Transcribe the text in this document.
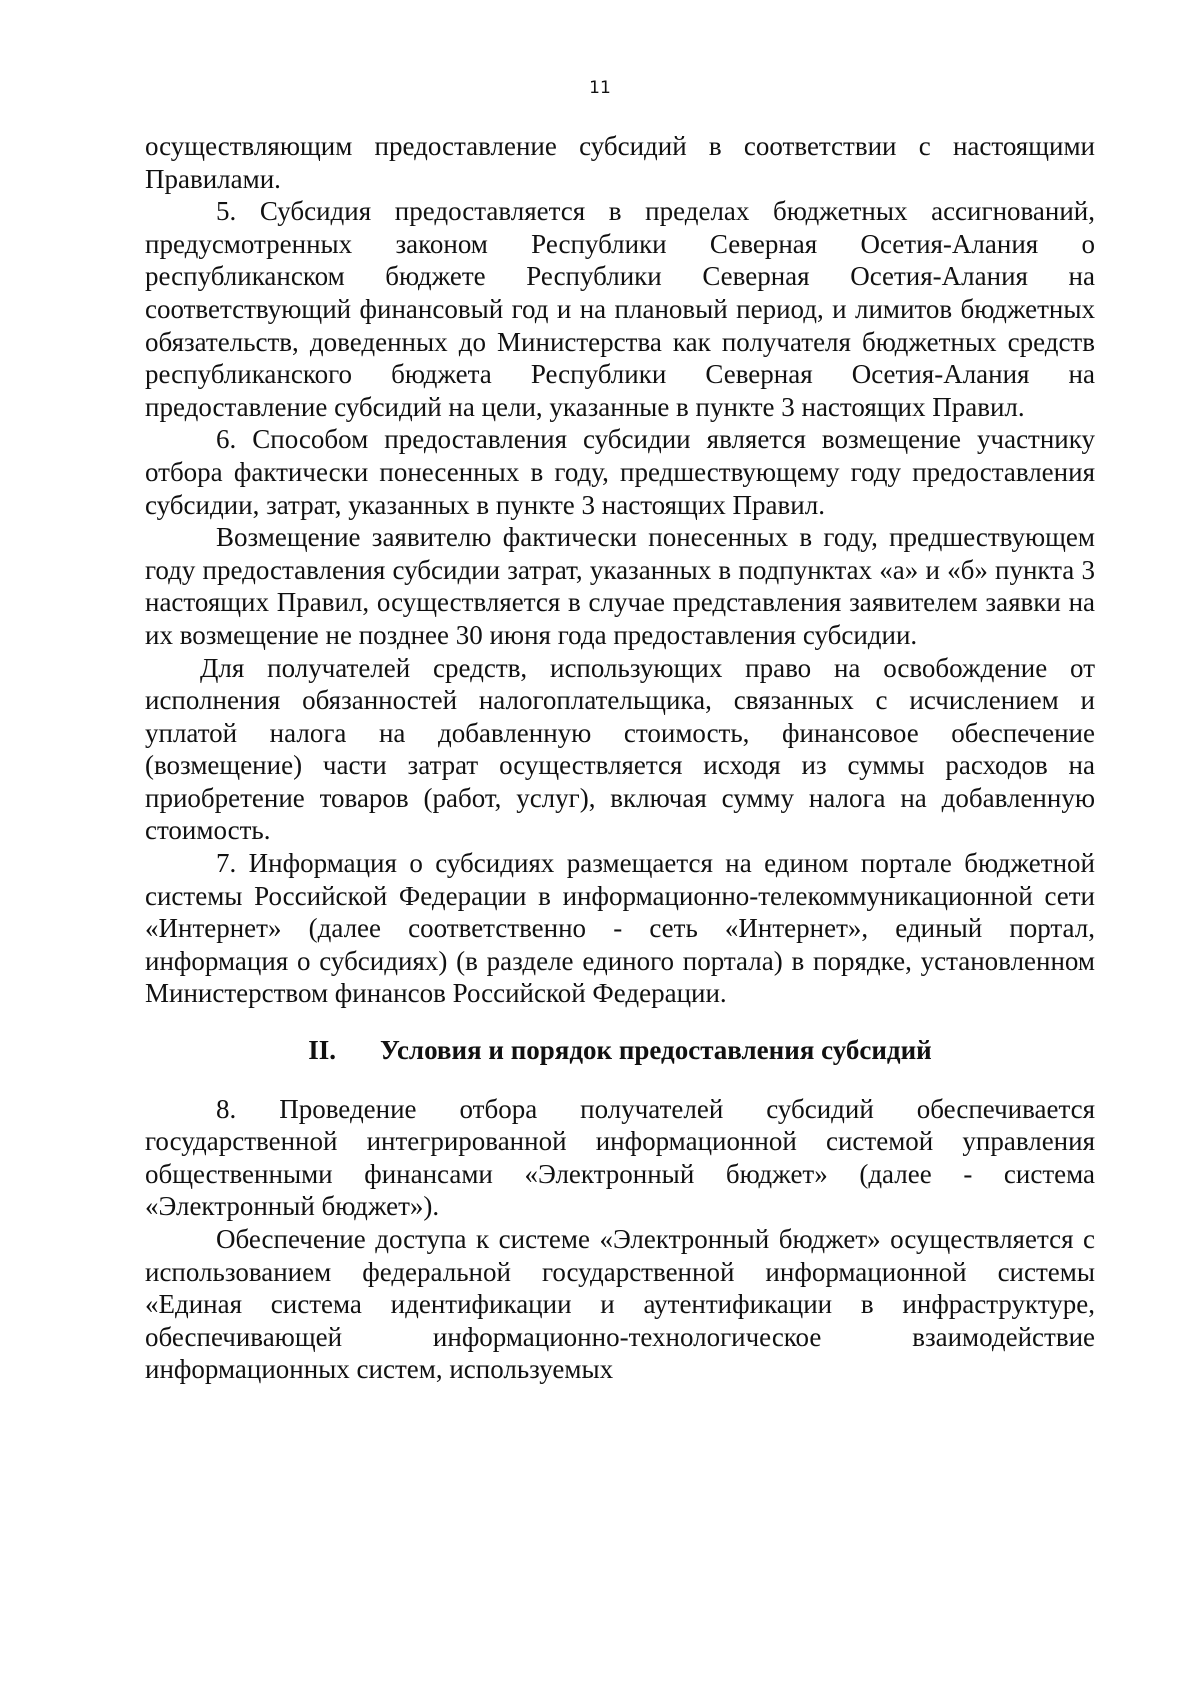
11

осуществляющим предоставление субсидий в соответствии с настоящими Правилами.

5. Субсидия предоставляется в пределах бюджетных ассигнований, предусмотренных законом Республики Северная Осетия-Алания о республиканском бюджете Республики Северная Осетия-Алания на соответствующий финансовый год и на плановый период, и лимитов бюджетных обязательств, доведенных до Министерства как получателя бюджетных средств республиканского бюджета Республики Северная Осетия-Алания на предоставление субсидий на цели, указанные в пункте 3 настоящих Правил.

6. Способом предоставления субсидии является возмещение участнику отбора фактически понесенных в году, предшествующему году предоставления субсидии, затрат, указанных в пункте 3 настоящих Правил.

Возмещение заявителю фактически понесенных в году, предшествующем году предоставления субсидии затрат, указанных в подпунктах «а» и «б» пункта 3 настоящих Правил, осуществляется в случае представления заявителем заявки на их возмещение не позднее 30 июня года предоставления субсидии.

Для получателей средств, использующих право на освобождение от исполнения обязанностей налогоплательщика, связанных с исчислением и уплатой налога на добавленную стоимость, финансовое обеспечение (возмещение) части затрат осуществляется исходя из суммы расходов на приобретение товаров (работ, услуг), включая сумму налога на добавленную стоимость.

7. Информация о субсидиях размещается на едином портале бюджетной системы Российской Федерации в информационно-телекоммуникационной сети «Интернет» (далее соответственно - сеть «Интернет», единый портал, информация о субсидиях) (в разделе единого портала) в порядке, установленном Министерством финансов Российской Федерации.

II. Условия и порядок предоставления субсидий

8. Проведение отбора получателей субсидий обеспечивается государственной интегрированной информационной системой управления общественными финансами «Электронный бюджет» (далее - система «Электронный бюджет»).

Обеспечение доступа к системе «Электронный бюджет» осуществляется с использованием федеральной государственной информационной системы «Единая система идентификации и аутентификации в инфраструктуре, обеспечивающей информационно-технологическое взаимодействие информационных систем, используемых
